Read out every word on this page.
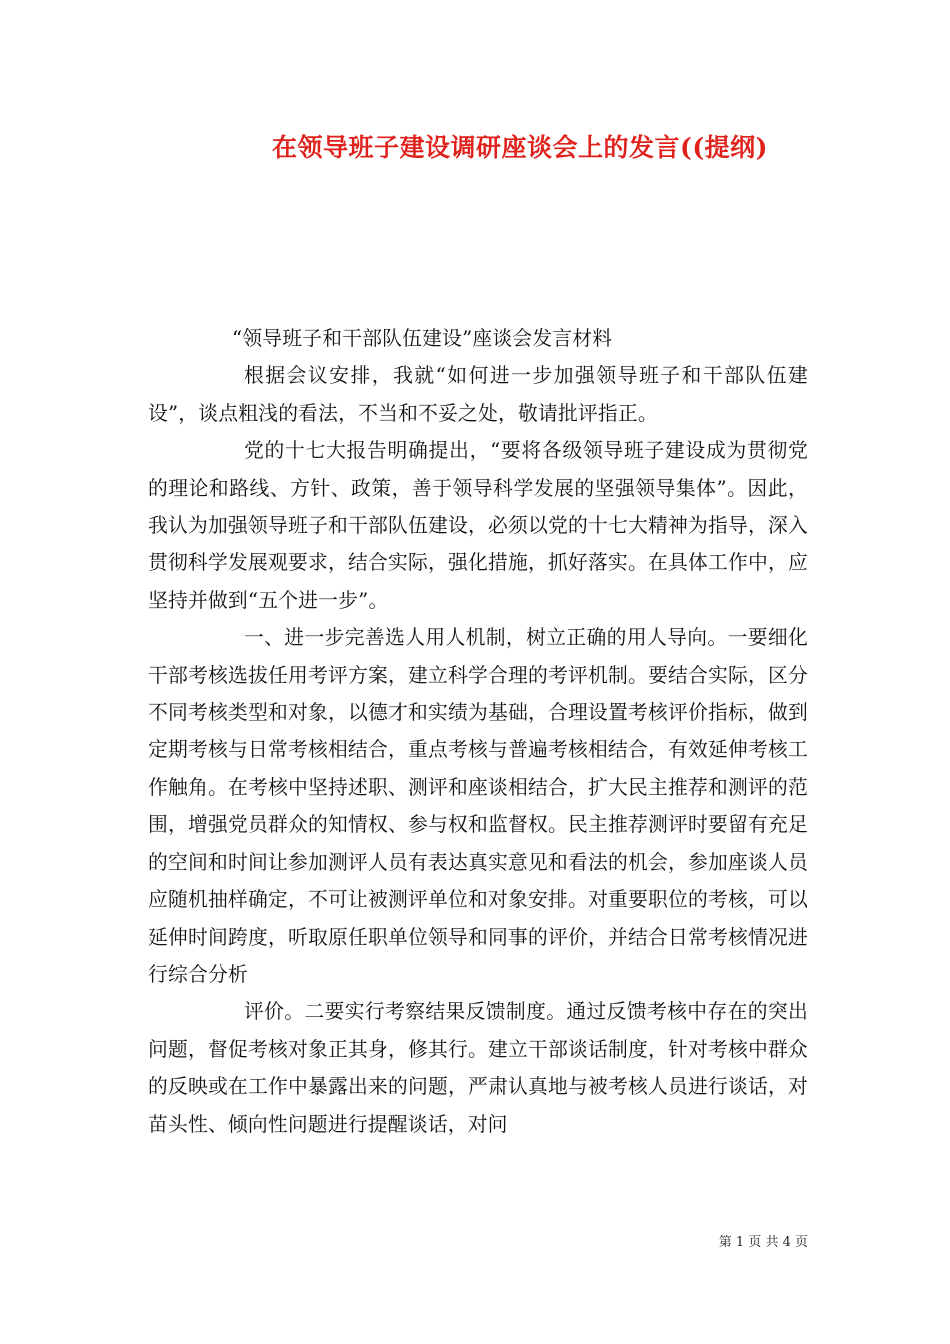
在领导班子建设调研座谈会上的发言((提纲)

“领导班子和干部队伍建设”座谈会发言材料

根据会议安排，我就“如何进一步加强领导班子和干部队伍建设”，谈点粗浅的看法，不当和不妥之处，敬请批评指正。

党的十七大报告明确提出，“要将各级领导班子建设成为贯彻党的理论和路线、方针、政策，善于领导科学发展的坚强领导集体”。因此，我认为加强领导班子和干部队伍建设，必须以党的十七大精神为指导，深入贯彻科学发展观要求，结合实际，强化措施，抓好落实。在具体工作中，应坚持并做到“五个进一步”。

一、进一步完善选人用人机制，树立正确的用人导向。一要细化干部考核选拔任用考评方案，建立科学合理的考评机制。要结合实际，区分不同考核类型和对象，以德才和实绩为基础，合理设置考核评价指标，做到定期考核与日常考核相结合，重点考核与普遍考核相结合，有效延伸考核工作触角。在考核中坚持述职、测评和座谈相结合，扩大民主推荐和测评的范围，增强党员群众的知情权、参与权和监督权。民主推荐测评时要留有充足的空间和时间让参加测评人员有表达真实意见和看法的机会，参加座谈人员应随机抽样确定，不可让被测评单位和对象安排。对重要职位的考核，可以延伸时间跨度，听取原任职单位领导和同事的评价，并结合日常考核情况进行综合分析

评价。二要实行考察结果反馈制度。通过反馈考核中存在的突出问题，督促考核对象正其身，修其行。建立干部谈话制度，针对考核中群众的反映或在工作中暴露出来的问题，严肃认真地与被考核人员进行谈话，对苗头性、倾向性问题进行提醒谈话，对问

第 1 页 共 4 页
